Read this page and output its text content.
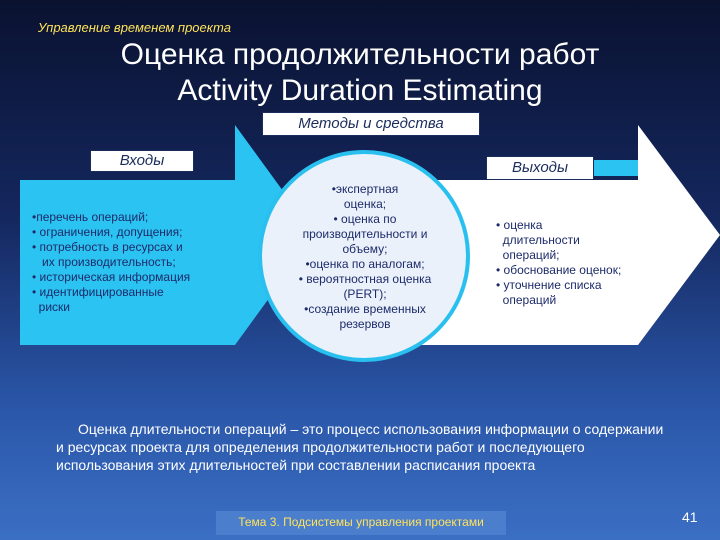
Управление временем проекта
Оценка продолжительности работ
Activity Duration Estimating
Методы и средства
Входы	Выходы
•перечень операций;
• ограничения, допущения;
• потребность в ресурсах и
их производительность;
• историческая информация
• идентифицированные
риски
•экспертная
оценка;
• оценка по
производительности и
объему;
•оценка по аналогам;
• вероятностная оценка
(PERT);
•создание временных
резервов
• оценка
длительности
операций;
• обоснование оценок;
• уточнение списка
операций
Оценка длительности операций – это процесс использования информации о содержании и ресурсах проекта для определения продолжительности работ и последующего использования этих длительностей при составлении расписания проекта
Тема 3. Подсистемы управления проектами	41
